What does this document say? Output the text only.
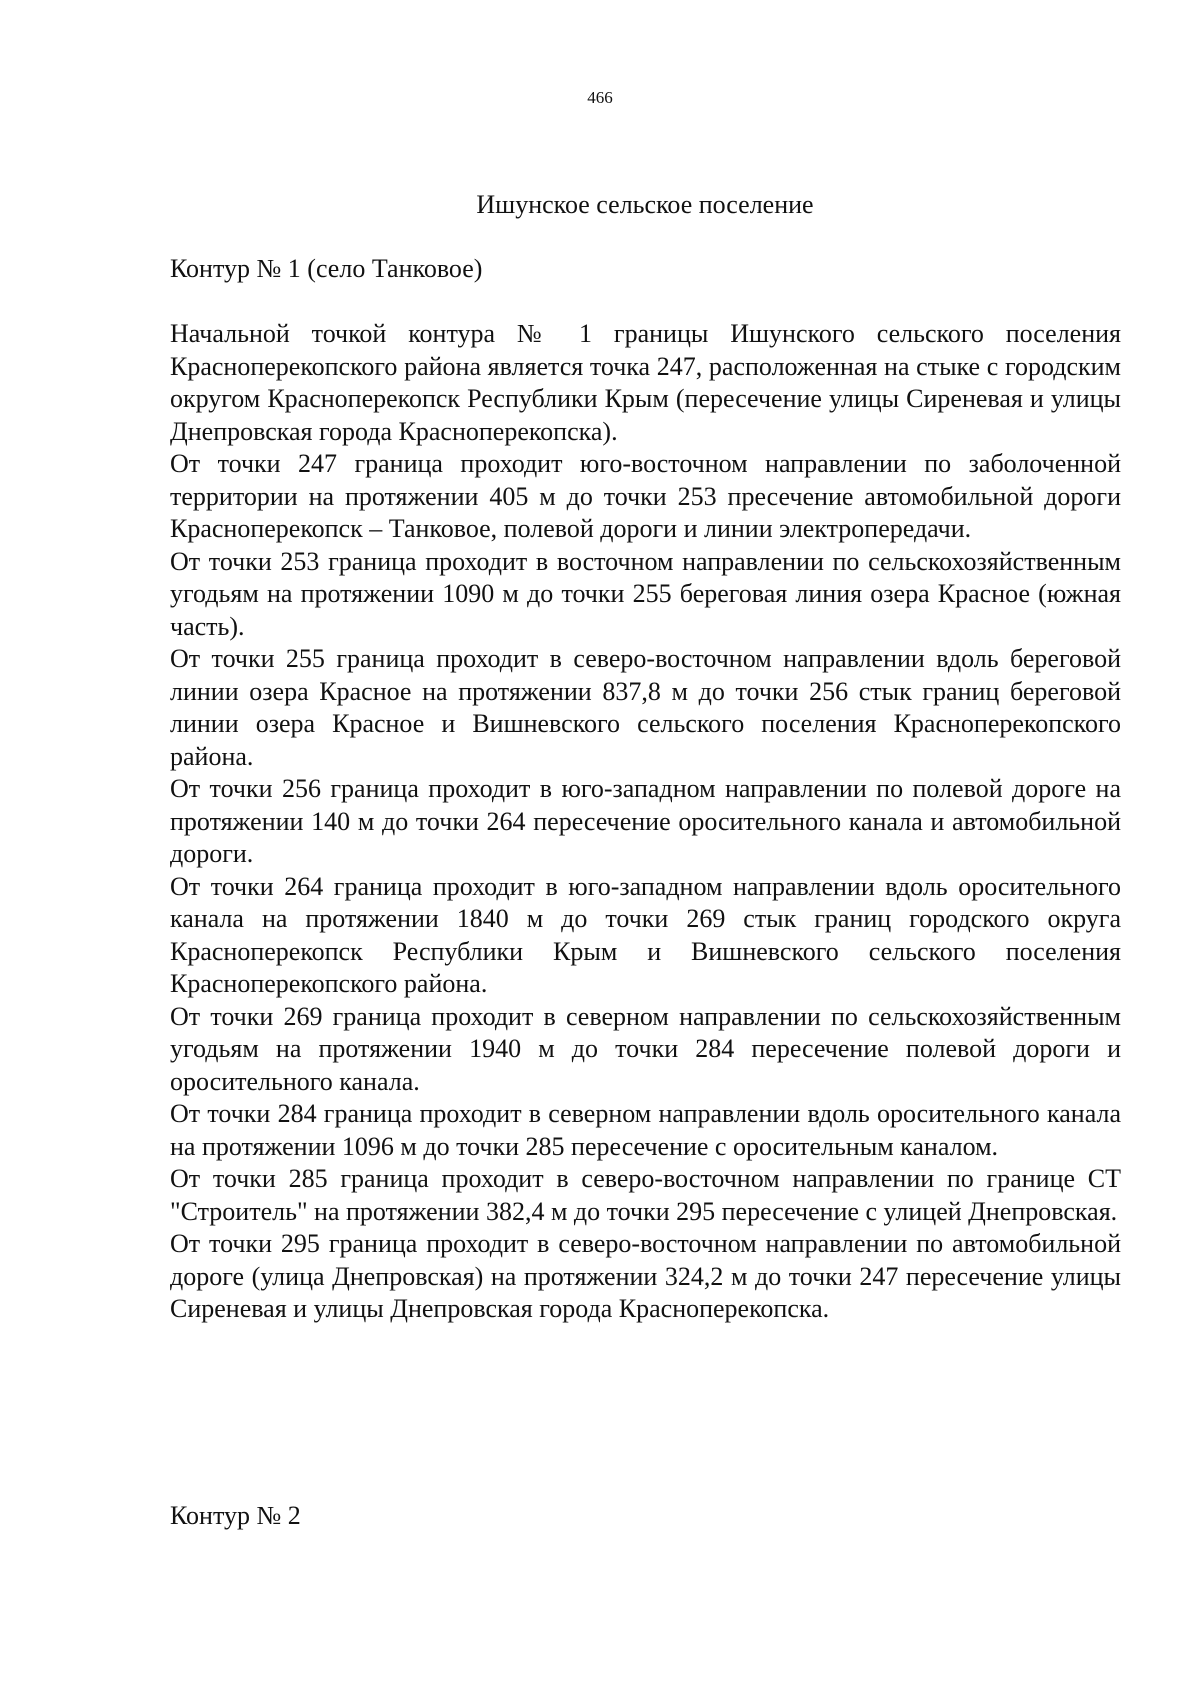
466
Ишунское сельское поселение
Контур № 1 (село Танковое)

Начальной точкой контура № 1 границы Ишунского сельского поселения Красноперекопского района является точка 247, расположенная на стыке с городским округом Красноперекопск Республики Крым (пересечение улицы Сиреневая и улицы Днепровская города Красноперекопска).

От точки 247 граница проходит юго-восточном направлении по заболоченной территории на протяжении 405 м до точки 253 пресечение автомобильной дороги Красноперекопск – Танковое, полевой дороги и линии электропередачи.

От точки 253 граница проходит в восточном направлении по сельскохозяйственным угодьям на протяжении 1090 м до точки 255 береговая линия озера Красное (южная часть).

От точки 255 граница проходит в северо-восточном направлении вдоль береговой линии озера Красное на протяжении 837,8 м до точки 256 стык границ береговой линии озера Красное и Вишневского сельского поселения Красноперекопского района.

От точки 256 граница проходит в юго-западном направлении по полевой дороге на протяжении 140 м до точки 264 пересечение оросительного канала и автомобильной дороги.

От точки 264 граница проходит в юго-западном направлении вдоль оросительного канала на протяжении 1840 м до точки 269 стык границ городского округа Красноперекопск Республики Крым и Вишневского сельского поселения Красноперекопского района.

От точки 269 граница проходит в северном направлении по сельскохозяйственным угодьям на протяжении 1940 м до точки 284 пересечение полевой дороги и оросительного канала.

От точки 284 граница проходит в северном направлении вдоль оросительного канала на протяжении 1096 м до точки 285 пересечение с оросительным каналом.

От точки 285 граница проходит в северо-восточном направлении по границе СТ "Строитель" на протяжении 382,4 м до точки 295 пересечение с улицей Днепровская.

От точки 295 граница проходит в северо-восточном направлении по автомобильной дороге (улица Днепровская) на протяжении 324,2 м до точки 247 пересечение улицы Сиреневая и улицы Днепровская города Красноперекопска.

Контур № 2
